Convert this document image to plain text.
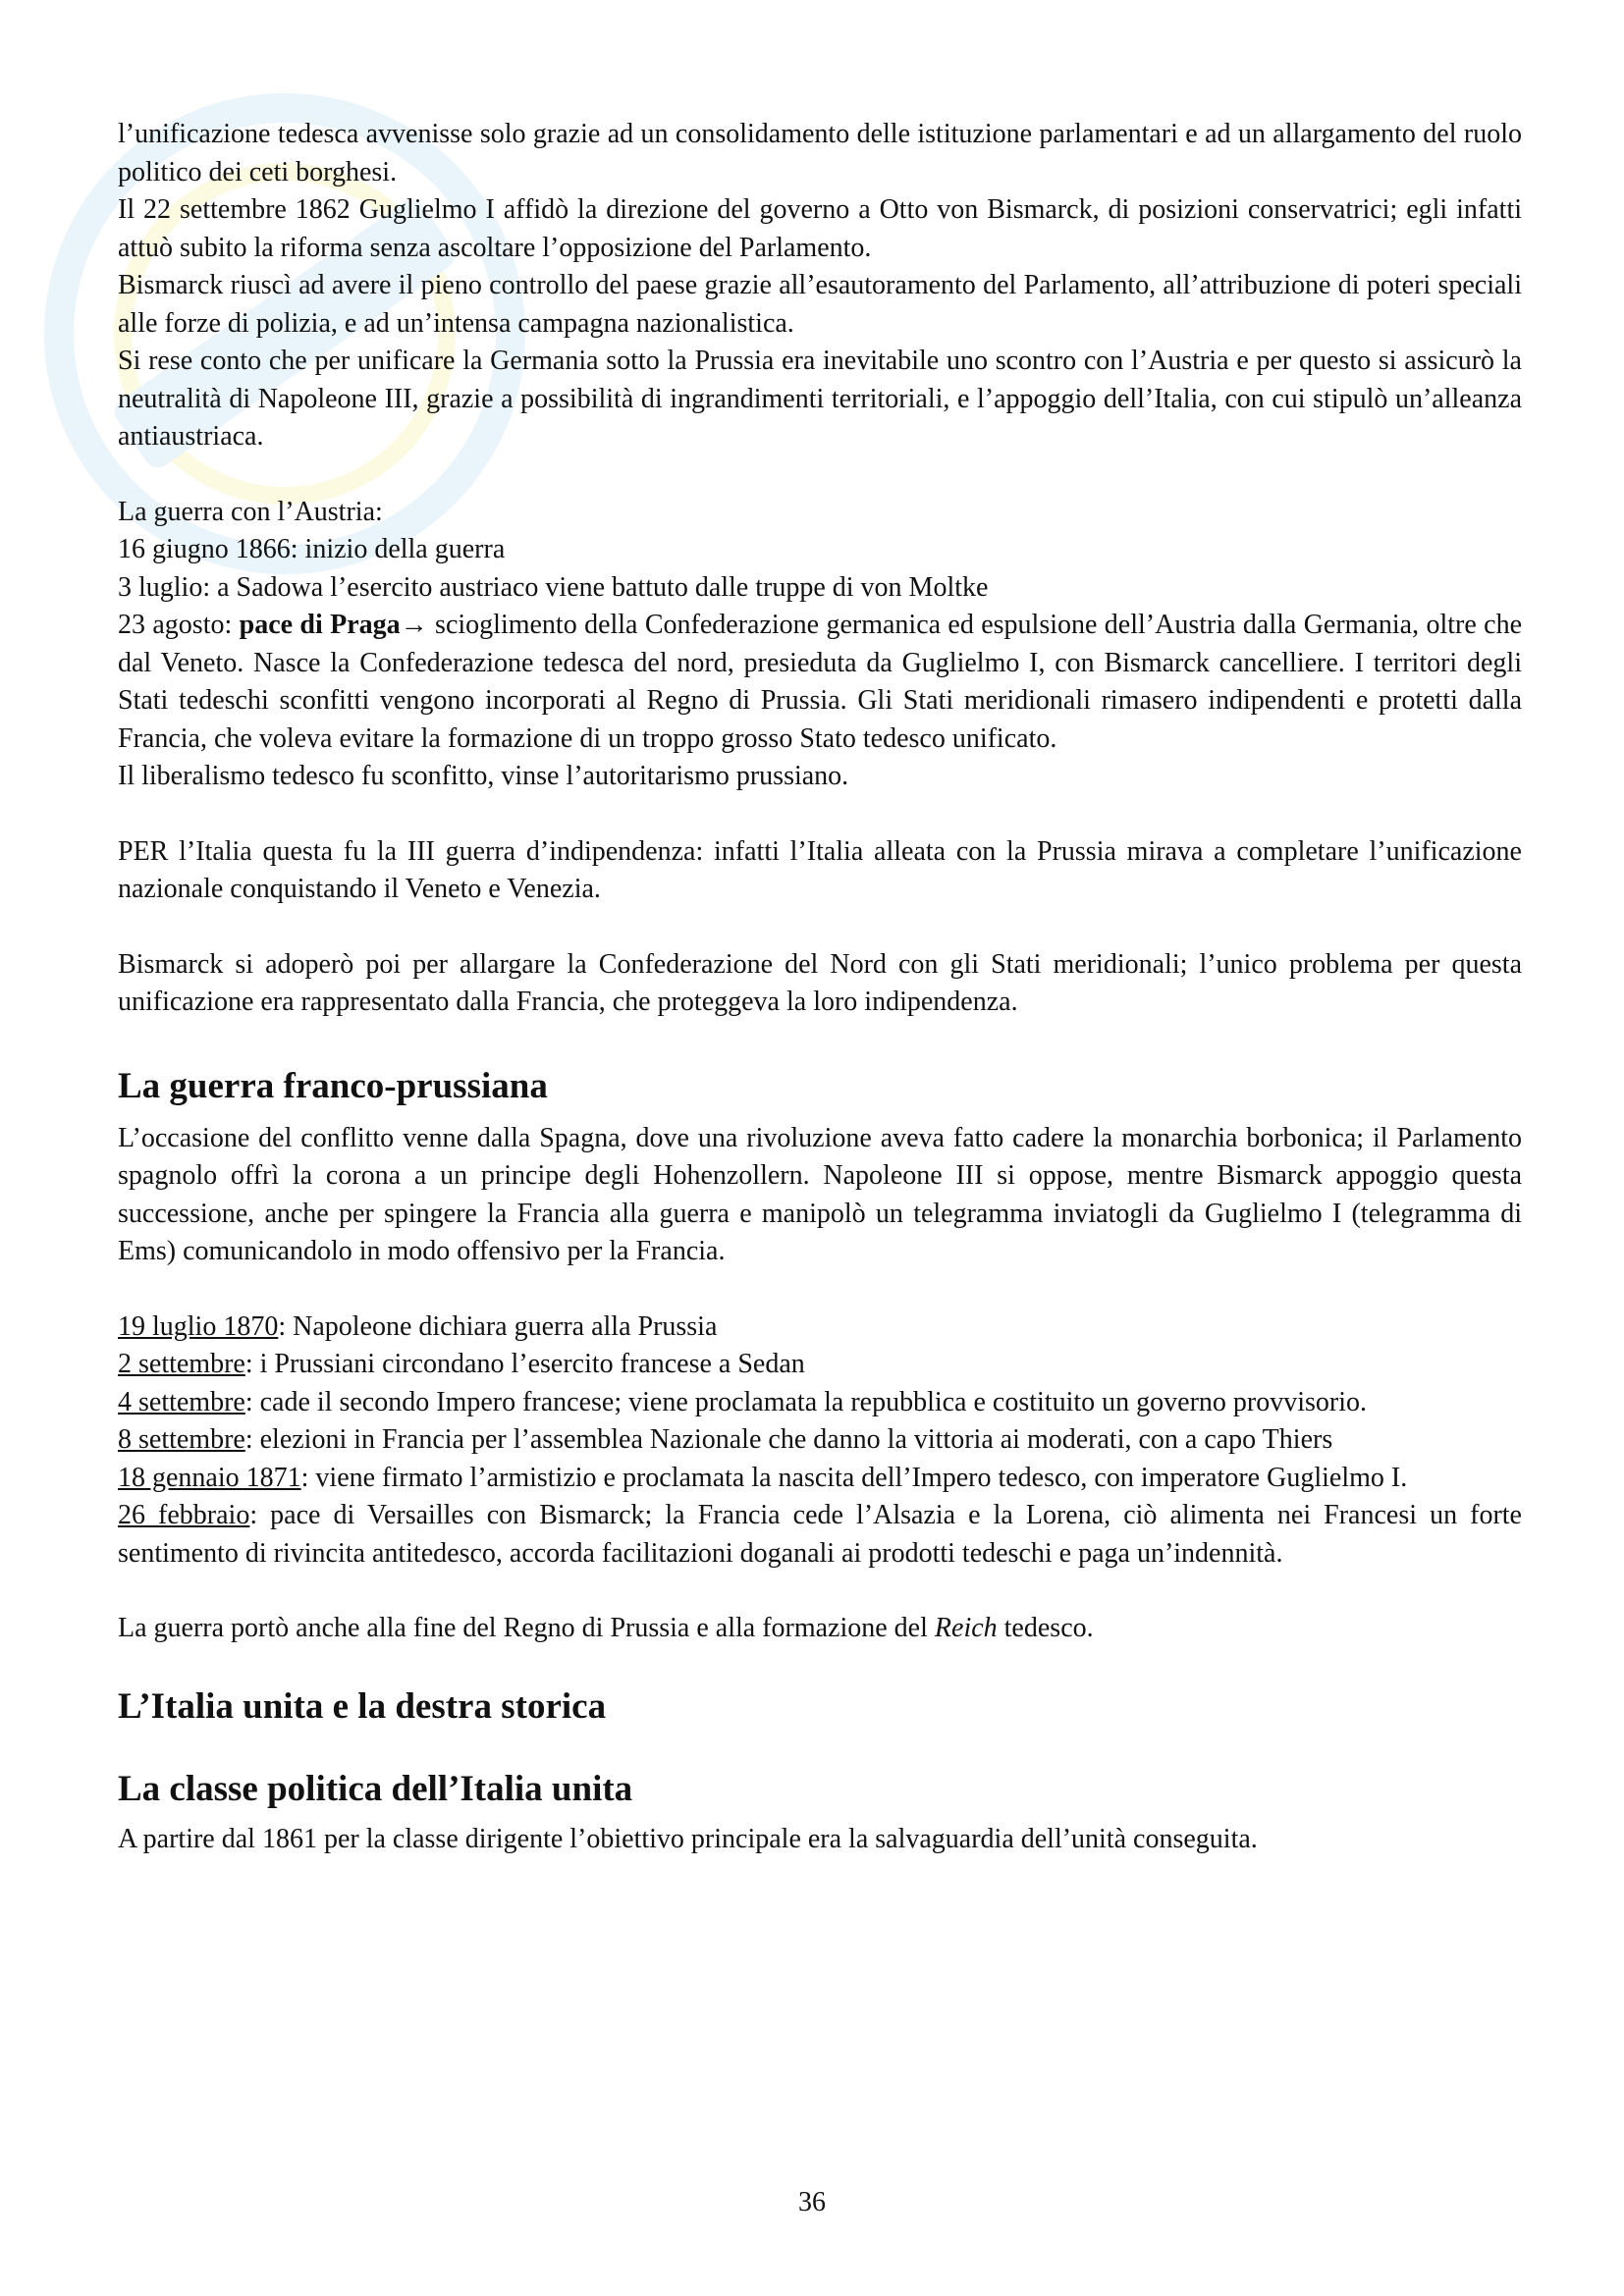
l’unificazione tedesca avvenisse solo grazie ad un consolidamento delle istituzione parlamentari e ad un allargamento del ruolo politico dei ceti borghesi.

Il 22 settembre 1862 Guglielmo I affidò la direzione del governo a Otto von Bismarck, di posizioni conservatrici; egli infatti attuò subito la riforma senza ascoltare l’opposizione del Parlamento.

Bismarck riuscì ad avere il pieno controllo del paese grazie all’esautoramento del Parlamento, all’attribuzione di poteri speciali alle forze di polizia, e ad un’intensa campagna nazionalistica.

Si rese conto che per unificare la Germania sotto la Prussia era inevitabile uno scontro con l’Austria e per questo si assicurò la neutralità di Napoleone III, grazie a possibilità di ingrandimenti territoriali, e l’appoggio dell’Italia, con cui stipulò un’alleanza antiaustriaca.

La guerra con l’Austria:

16 giugno 1866: inizio della guerra

3 luglio: a Sadowa l’esercito austriaco viene battuto dalle truppe di von Moltke

23 agosto: pace di Praga→ scioglimento della Confederazione germanica ed espulsione dell’Austria dalla Germania, oltre che dal Veneto. Nasce la Confederazione tedesca del nord, presieduta da Guglielmo I, con Bismarck cancelliere. I territori degli Stati tedeschi sconfitti vengono incorporati al Regno di Prussia. Gli Stati meridionali rimasero indipendenti e protetti dalla Francia, che voleva evitare la formazione di un troppo grosso Stato tedesco unificato.

Il liberalismo tedesco fu sconfitto, vinse l’autoritarismo prussiano.

PER l’Italia questa fu la III guerra d’indipendenza: infatti l’Italia alleata con la Prussia mirava a completare l’unificazione nazionale conquistando il Veneto e Venezia.

Bismarck si adoperò poi per allargare la Confederazione del Nord con gli Stati meridionali; l’unico problema per questa unificazione era rappresentato dalla Francia, che proteggeva la loro indipendenza.

La guerra franco-prussiana

L’occasione del conflitto venne dalla Spagna, dove una rivoluzione aveva fatto cadere la monarchia borbonica; il Parlamento spagnolo offrì la corona a un principe degli Hohenzollern. Napoleone III si oppose, mentre Bismarck appoggio questa successione, anche per spingere la Francia alla guerra e manipolò un telegramma inviatogli da Guglielmo I (telegramma di Ems) comunicandolo in modo offensivo per la Francia.

19 luglio 1870: Napoleone dichiara guerra alla Prussia

2 settembre: i Prussiani circondano l’esercito francese a Sedan

4 settembre: cade il secondo Impero francese; viene proclamata la repubblica e costituito un governo provvisorio.

8 settembre: elezioni in Francia per l’assemblea Nazionale che danno la vittoria ai moderati, con a capo Thiers

18 gennaio 1871: viene firmato l’armistizio e proclamata la nascita dell’Impero tedesco, con imperatore Guglielmo I.

26 febbraio: pace di Versailles con Bismarck; la Francia cede l’Alsazia e la Lorena, ciò alimenta nei Francesi un forte sentimento di rivincita antitedesco, accorda facilitazioni doganali ai prodotti tedeschi e paga un’indennità.

La guerra portò anche alla fine del Regno di Prussia e alla formazione del Reich tedesco.

L’Italia unita e la destra storica
La classe politica dell’Italia unita

A partire dal 1861 per la classe dirigente l’obiettivo principale era la salvaguardia dell’unità conseguita.

36
